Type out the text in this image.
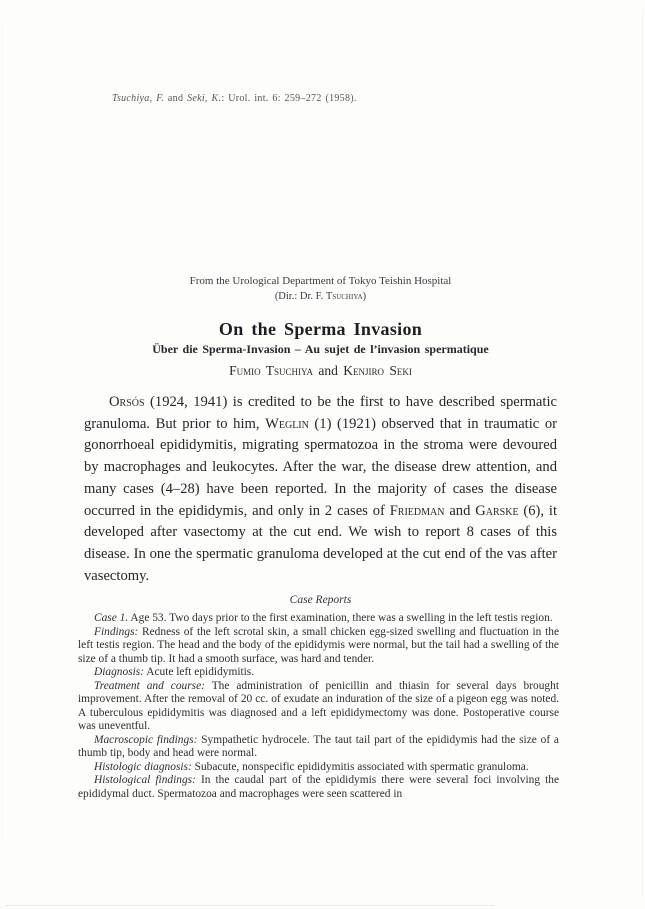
Tsuchiya, F. and Seki, K.: Urol. int. 6: 259–272 (1958).
From the Urological Department of Tokyo Teishin Hospital
(Dir.: Dr. F. Tsuchiya)
On the Sperma Invasion
Über die Sperma-Invasion – Au sujet de l’invasion spermatique
Fumio Tsuchiya and Kenjiro Seki
Orsós (1924, 1941) is credited to be the first to have described spermatic granuloma. But prior to him, Weglin (1) (1921) observed that in traumatic or gonorrhoeal epididymitis, migrating spermatozoa in the stroma were devoured by macrophages and leukocytes. After the war, the disease drew attention, and many cases (4–28) have been reported. In the majority of cases the disease occurred in the epididymis, and only in 2 cases of Friedman and Garske (6), it developed after vasectomy at the cut end. We wish to report 8 cases of this disease. In one the spermatic granuloma developed at the cut end of the vas after vasectomy.
Case Reports

Case 1. Age 53. Two days prior to the first examination, there was a swelling in the left testis region.

Findings: Redness of the left scrotal skin, a small chicken egg-sized swelling and fluctuation in the left testis region. The head and the body of the epididymis were normal, but the tail had a swelling of the size of a thumb tip. It had a smooth surface, was hard and tender.

Diagnosis: Acute left epididymitis.

Treatment and course: The administration of penicillin and thiasin for several days brought improvement. After the removal of 20 cc. of exudate an induration of the size of a pigeon egg was noted. A tuberculous epididymitis was diagnosed and a left epididymectomy was done. Postoperative course was uneventful.

Macroscopic findings: Sympathetic hydrocele. The taut tail part of the epididymis had the size of a thumb tip, body and head were normal.

Histologic diagnosis: Subacute, nonspecific epididymitis associated with spermatic granuloma.

Histological findings: In the caudal part of the epididymis there were several foci involving the epididymal duct. Spermatozoa and macrophages were seen scattered in
